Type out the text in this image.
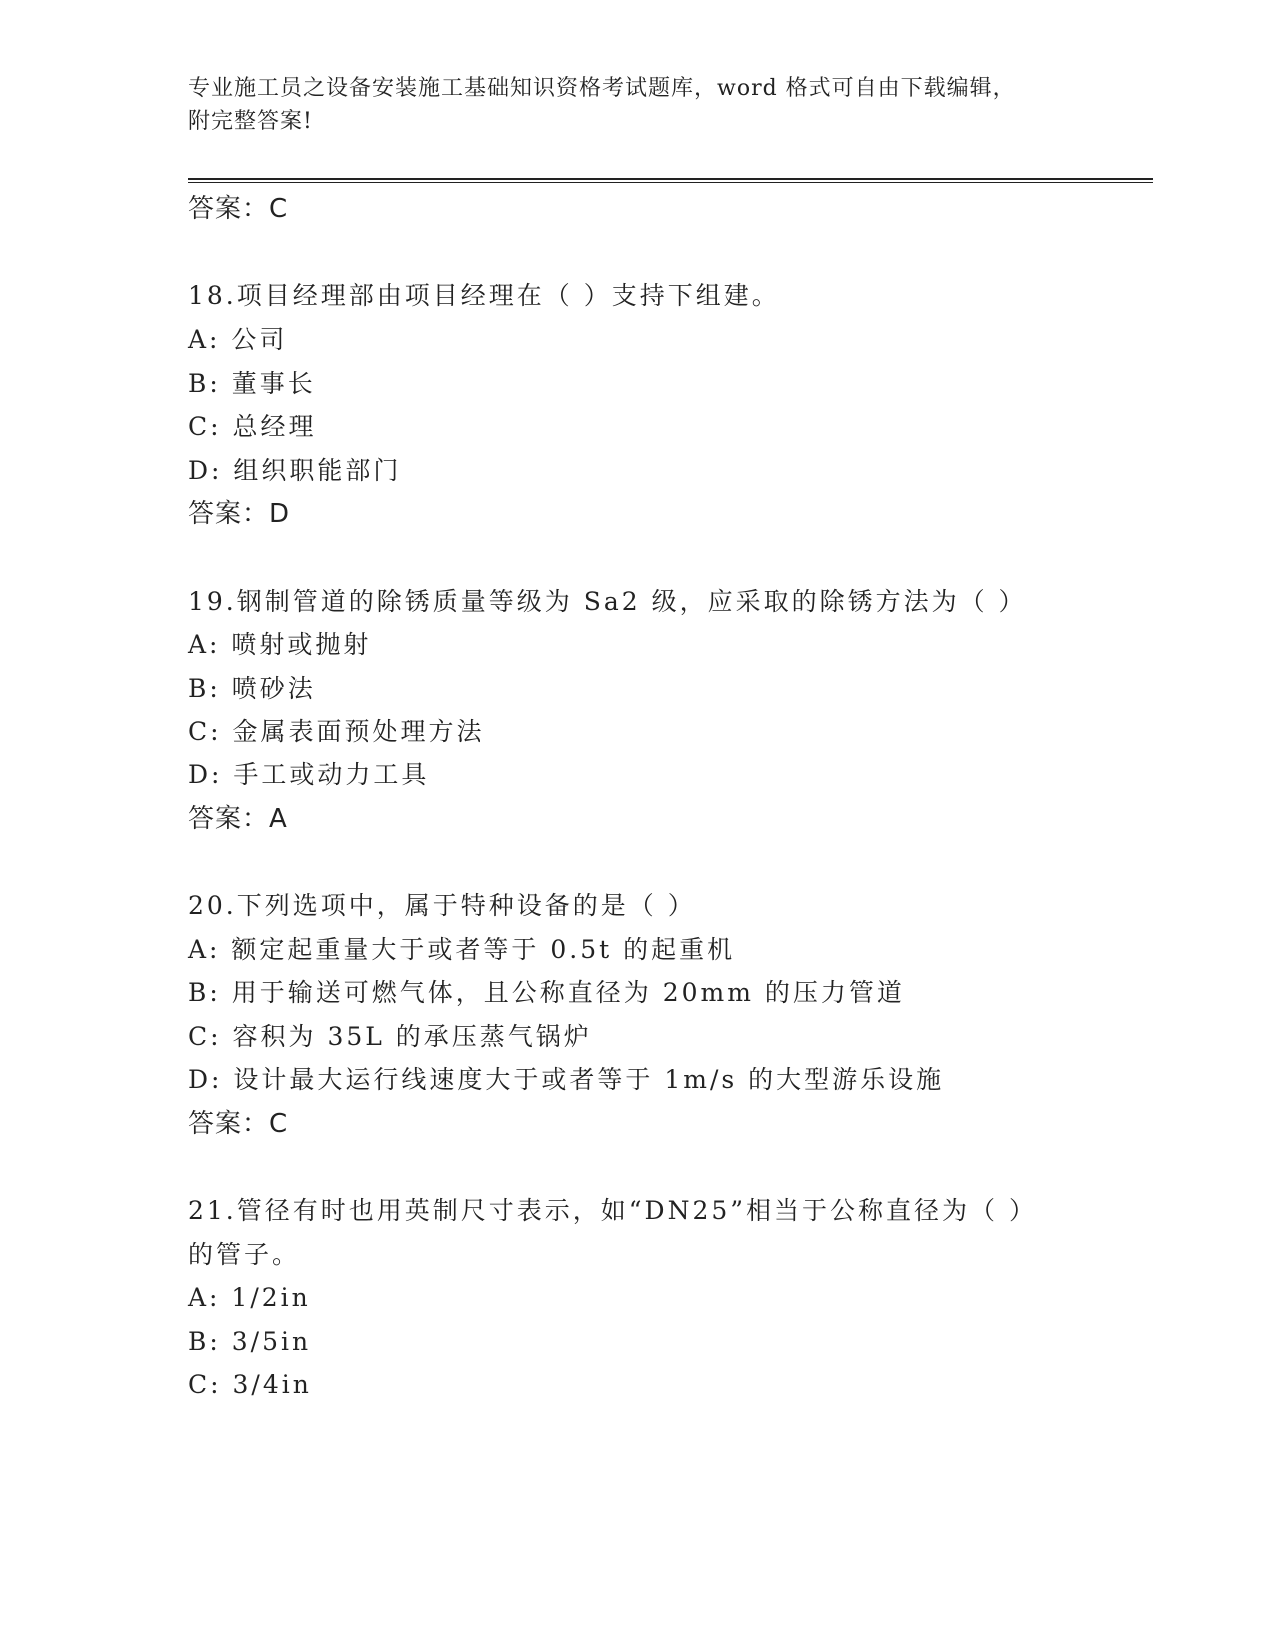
专业施工员之设备安装施工基础知识资格考试题库，word 格式可自由下载编辑，
附完整答案!
答案：C
18.项目经理部由项目经理在（ ）支持下组建。
A: 公司
B: 董事长
C: 总经理
D: 组织职能部门
答案：D
19.钢制管道的除锈质量等级为 Sa2 级，应采取的除锈方法为（ ）
A: 喷射或抛射
B: 喷砂法
C: 金属表面预处理方法
D: 手工或动力工具
答案：A
20.下列选项中，属于特种设备的是（ ）
A: 额定起重量大于或者等于 0.5t 的起重机
B: 用于输送可燃气体，且公称直径为 20mm 的压力管道
C: 容积为 35L 的承压蒸气锅炉
D: 设计最大运行线速度大于或者等于 1m/s 的大型游乐设施
答案：C
21.管径有时也用英制尺寸表示，如“DN25”相当于公称直径为（ ）
的管子。
A: 1/2in
B: 3/5in
C: 3/4in
